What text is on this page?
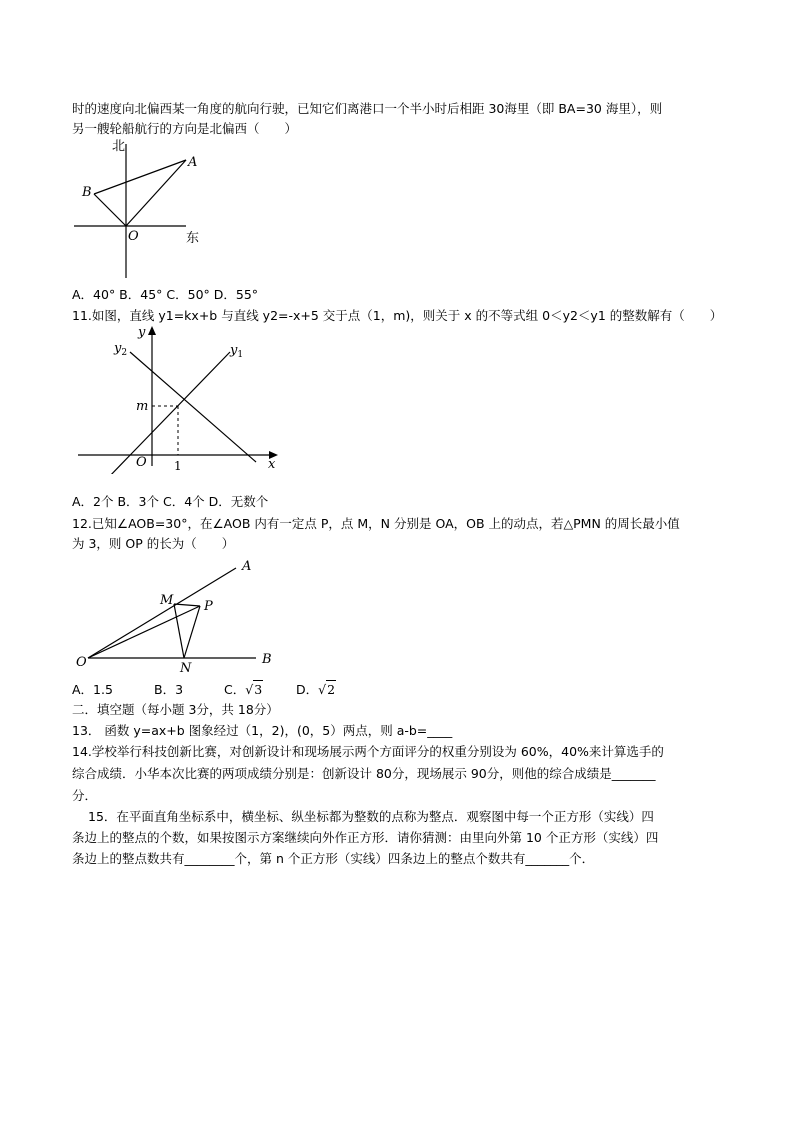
时的速度向北偏西某一角度的航向行驶，已知它们离港口一个半小时后相距 30海里（即 BA=30 海里），则
另一艘轮船航行的方向是北偏西（　　）
北
东
A
B
O
A．40° B．45° C．50° D．55°
11.如图，直线 y1=kx+b 与直线 y2=-x+5 交于点（1，m)，则关于 x 的不等式组 0＜y2＜y1 的整数解有（　　）
y
x
$y_1$
$y_2$
m
1
O
A．2个 B．3个 C．4个 D．无数个
12.已知∠AOB=30°，在∠AOB 内有一定点 P，点 M，N 分别是 OA，OB 上的动点，若△PMN 的周长最小值
为 3，则 OP 的长为（　　）
A
B
O
M
N
P
A．1.5	B．3	C．√3	D．√2
二．填空题（每小题 3分，共 18分）
13． 函数 y=ax+b 图象经过（1，2)，(0，5）两点，则 a-b=____
14.学校举行科技创新比赛，对创新设计和现场展示两个方面评分的权重分别设为 60%，40%来计算选手的
综合成绩．小华本次比赛的两项成绩分别是：创新设计 80分，现场展示 90分，则他的综合成绩是_______
分．
15．在平面直角坐标系中，横坐标、纵坐标都为整数的点称为整点．观察图中每一个正方形（实线）四
条边上的整点的个数，如果按图示方案继续向外作正方形．请你猜测：由里向外第 10 个正方形（实线）四
条边上的整点数共有________个，第 n 个正方形（实线）四条边上的整点个数共有_______个．
